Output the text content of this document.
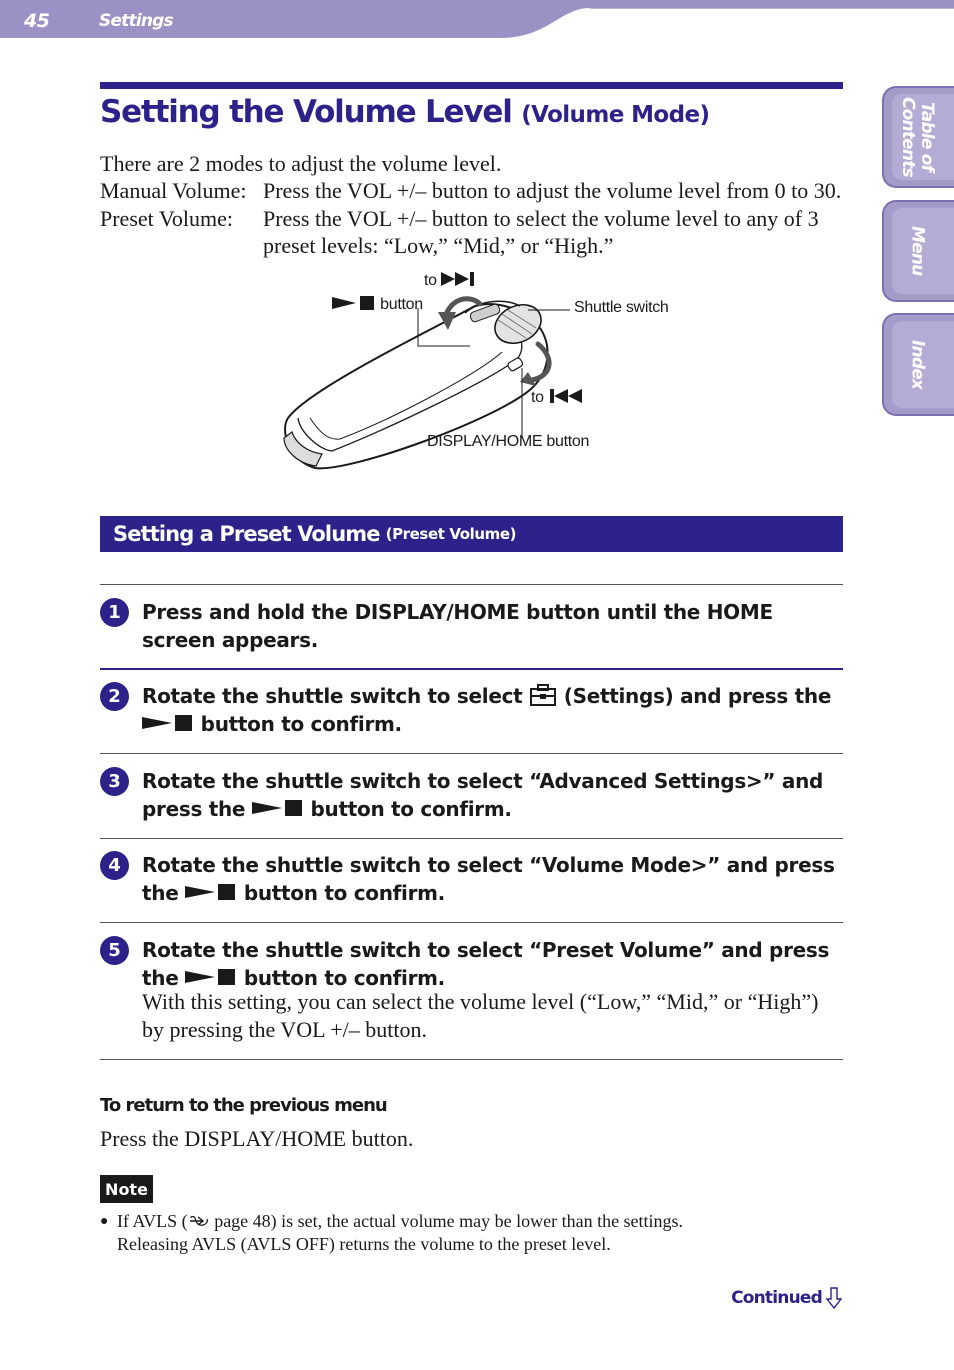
45	Settings
Table of Contents
Menu
Index
Setting the Volume Level (Volume Mode)
There are 2 modes to adjust the volume level.
Manual Volume: Press the VOL +/– button to adjust the volume level from 0 to 30.
Preset Volume: Press the VOL +/– button to select the volume level to any of 3 preset levels: “Low,” “Mid,” or “High.”
to
button	Shuttle switch
to
DISPLAY/HOME button
Setting a Preset Volume (Preset Volume)
1	Press and hold the DISPLAY/HOME button until the HOME screen appears.
2	Rotate the shuttle switch to select (Settings) and press the  button to confirm.
3	Rotate the shuttle switch to select “Advanced Settings>” and press the	button to confirm.
4	Rotate the shuttle switch to select “Volume Mode>” and press the	button to confirm.
5	Rotate the shuttle switch to select “Preset Volume” and press the	button to confirm.
With this setting, you can select the volume level (“Low,” “Mid,” or “High”) by pressing the VOL +/– button.
To return to the previous menu
Press the DISPLAY/HOME button.
Note
● If AVLS ( page 48) is set, the actual volume may be lower than the settings.
Releasing AVLS (AVLS OFF) returns the volume to the preset level.
Continued
